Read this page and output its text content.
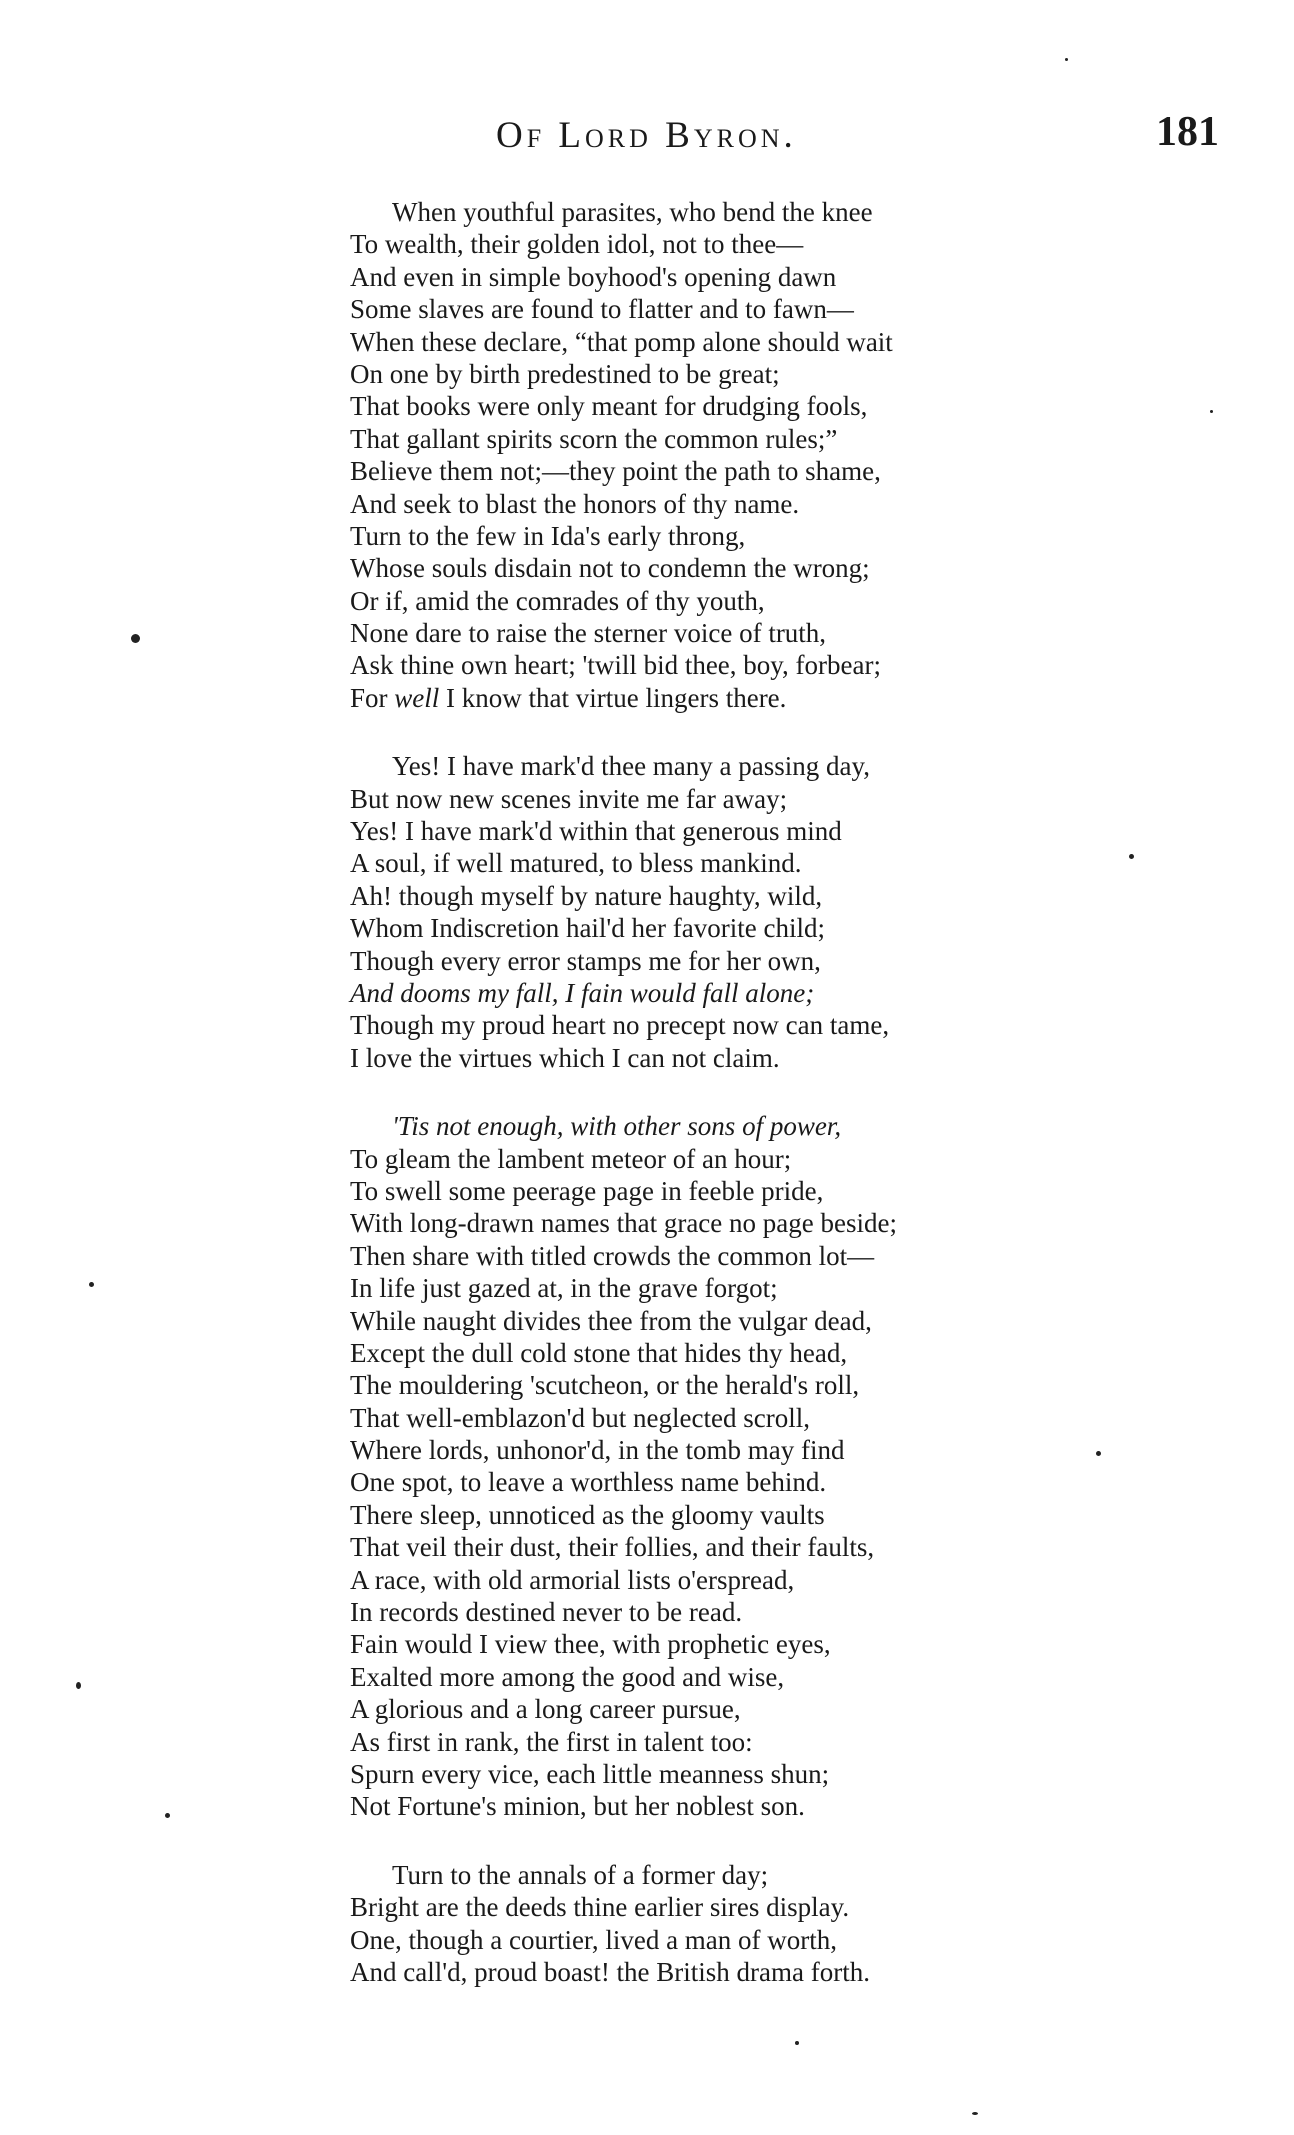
Of Lord Byron.	181
When youthful parasites, who bend the knee
To wealth, their golden idol, not to thee—
And even in simple boyhood's opening dawn
Some slaves are found to flatter and to fawn—
When these declare, “that pomp alone should wait
On one by birth predestined to be great;
That books were only meant for drudging fools,
That gallant spirits scorn the common rules;”
Believe them not;—they point the path to shame,
And seek to blast the honors of thy name.
Turn to the few in Ida's early throng,
Whose souls disdain not to condemn the wrong;
Or if, amid the comrades of thy youth,
None dare to raise the sterner voice of truth,
Ask thine own heart; 'twill bid thee, boy, forbear;
For well I know that virtue lingers there.
Yes! I have mark'd thee many a passing day,
But now new scenes invite me far away;
Yes! I have mark'd within that generous mind
A soul, if well matured, to bless mankind.
Ah! though myself by nature haughty, wild,
Whom Indiscretion hail'd her favorite child;
Though every error stamps me for her own,
And dooms my fall, I fain would fall alone;
Though my proud heart no precept now can tame,
I love the virtues which I can not claim.
'Tis not enough, with other sons of power,
To gleam the lambent meteor of an hour;
To swell some peerage page in feeble pride,
With long-drawn names that grace no page beside;
Then share with titled crowds the common lot—
In life just gazed at, in the grave forgot;
While naught divides thee from the vulgar dead,
Except the dull cold stone that hides thy head,
The mouldering 'scutcheon, or the herald's roll,
That well-emblazon'd but neglected scroll,
Where lords, unhonor'd, in the tomb may find
One spot, to leave a worthless name behind.
There sleep, unnoticed as the gloomy vaults
That veil their dust, their follies, and their faults,
A race, with old armorial lists o'erspread,
In records destined never to be read.
Fain would I view thee, with prophetic eyes,
Exalted more among the good and wise,
A glorious and a long career pursue,
As first in rank, the first in talent too:
Spurn every vice, each little meanness shun;
Not Fortune's minion, but her noblest son.
Turn to the annals of a former day;
Bright are the deeds thine earlier sires display.
One, though a courtier, lived a man of worth,
And call'd, proud boast! the British drama forth.
